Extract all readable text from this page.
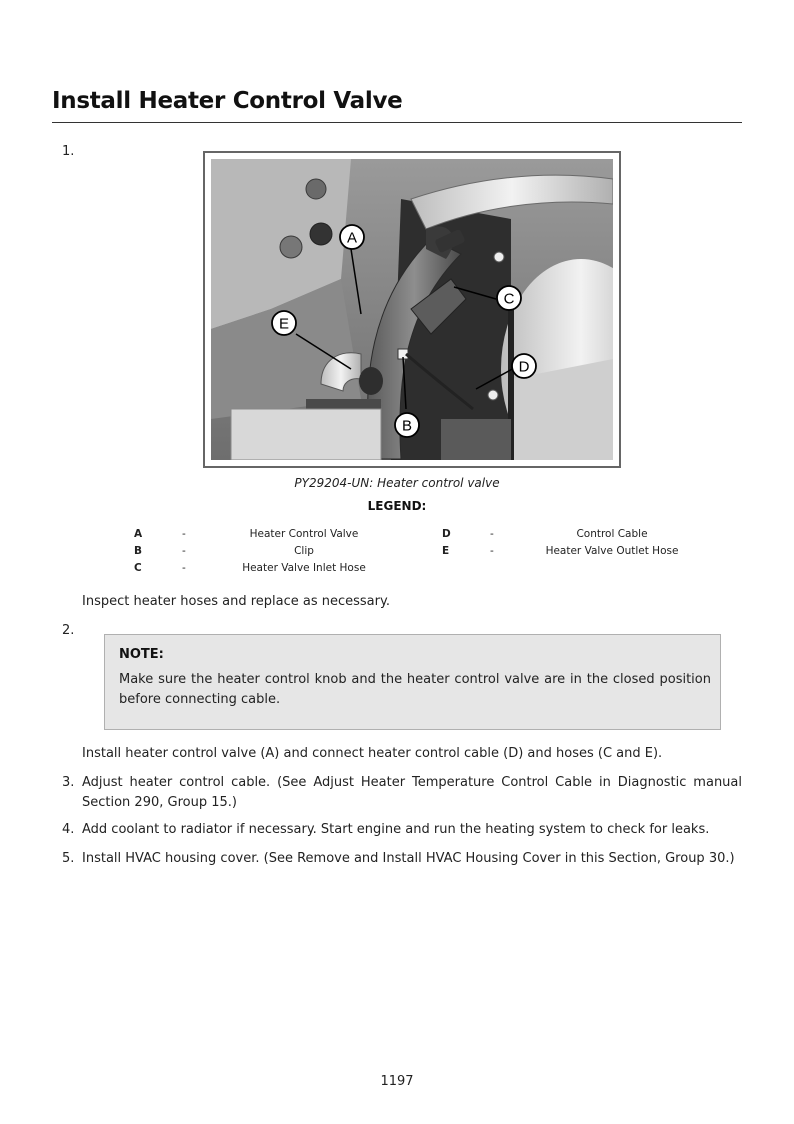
Install Heater Control Valve
1.
A
C
D
E
B
PY29204-UN: Heater control valve
LEGEND:
A	-	Heater Control Valve
B	-	Clip
C	-	Heater Valve Inlet Hose
D	-	Control Cable
E	-	Heater Valve Outlet Hose
Inspect heater hoses and replace as necessary.
2.
NOTE:
Make sure the heater control knob and the heater control valve are in the closed position before connecting cable.
Install heater control valve (A) and connect heater control cable (D) and hoses (C and E).
3. Adjust heater control cable. (See Adjust Heater Temperature Control Cable in Diagnostic manual Section 290, Group 15.)
4. Add coolant to radiator if necessary. Start engine and run the heating system to check for leaks.
5. Install HVAC housing cover. (See Remove and Install HVAC Housing Cover in this Section, Group 30.)
1197
